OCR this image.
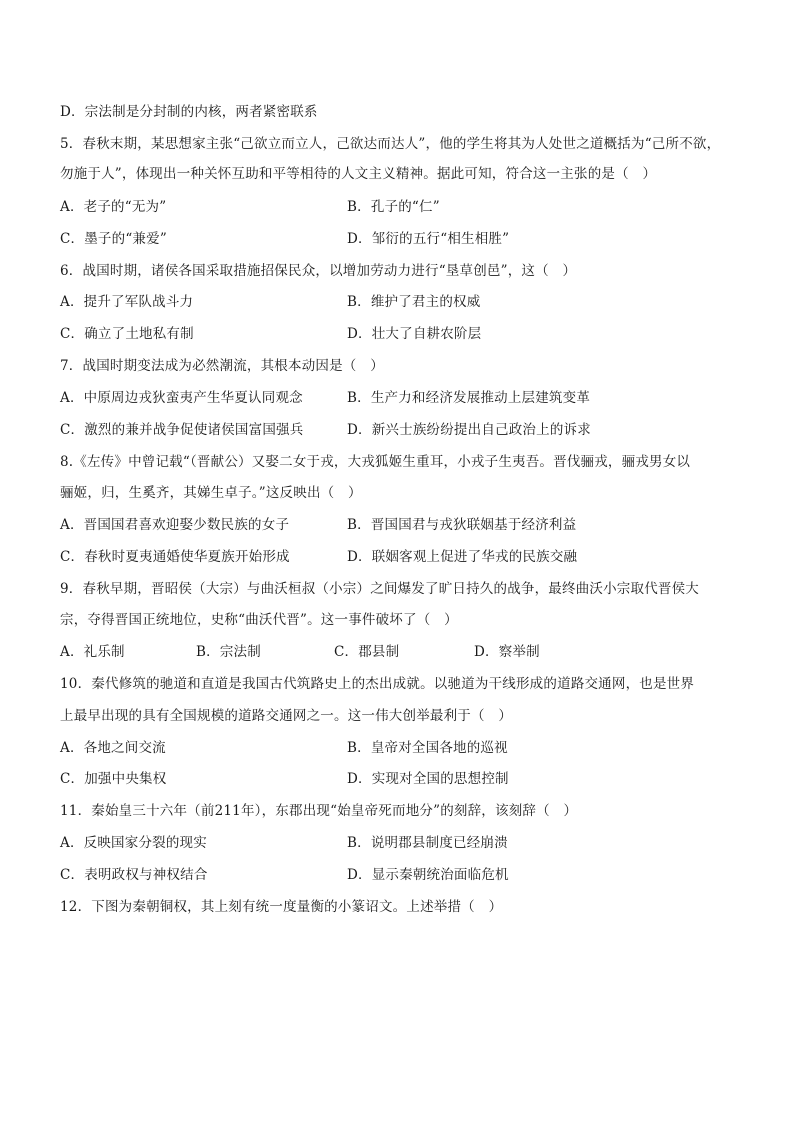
D．宗法制是分封制的内核，两者紧密联系
5．春秋末期，某思想家主张“己欲立而立人，己欲达而达人”，他的学生将其为人处世之道概括为“己所不欲，
勿施于人”，体现出一种关怀互助和平等相待的人文主义精神。据此可知，符合这一主张的是（　）
A．老子的“无为”	B．孔子的“仁”
C．墨子的“兼爱”	D．邹衍的五行“相生相胜”
6．战国时期，诸侯各国采取措施招保民众，以增加劳动力进行“垦草创邑”，这（　）
A．提升了军队战斗力	B．维护了君主的权威
C．确立了土地私有制	D．壮大了自耕农阶层
7．战国时期变法成为必然潮流，其根本动因是（　）
A．中原周边戎狄蛮夷产生华夏认同观念	B．生产力和经济发展推动上层建筑变革
C．激烈的兼并战争促使诸侯国富国强兵	D．新兴士族纷纷提出自己政治上的诉求
8.《左传》中曾记载“（晋献公）又娶二女于戎，大戎狐姬生重耳，小戎子生夷吾。晋伐骊戎，骊戎男女以
骊姬，归，生奚齐，其娣生卓子。”这反映出（　）
A．晋国国君喜欢迎娶少数民族的女子	B．晋国国君与戎狄联姻基于经济利益
C．春秋时夏夷通婚使华夏族开始形成	D．联姻客观上促进了华戎的民族交融
9．春秋早期，晋昭侯（大宗）与曲沃桓叔（小宗）之间爆发了旷日持久的战争，最终曲沃小宗取代晋侯大
宗，夺得晋国正统地位，史称“曲沃代晋”。这一事件破坏了（　）
A．礼乐制	B．宗法制	C．郡县制	D．察举制
10．秦代修筑的驰道和直道是我国古代筑路史上的杰出成就。以驰道为干线形成的道路交通网，也是世界
上最早出现的具有全国规模的道路交通网之一。这一伟大创举最利于（　）
A．各地之间交流	B．皇帝对全国各地的巡视
C．加强中央集权	D．实现对全国的思想控制
11．秦始皇三十六年（前211年），东郡出现“始皇帝死而地分”的刻辞，该刻辞（　）
A．反映国家分裂的现实	B．说明郡县制度已经崩溃
C．表明政权与神权结合	D．显示秦朝统治面临危机
12．下图为秦朝铜权，其上刻有统一度量衡的小篆诏文。上述举措（　）
